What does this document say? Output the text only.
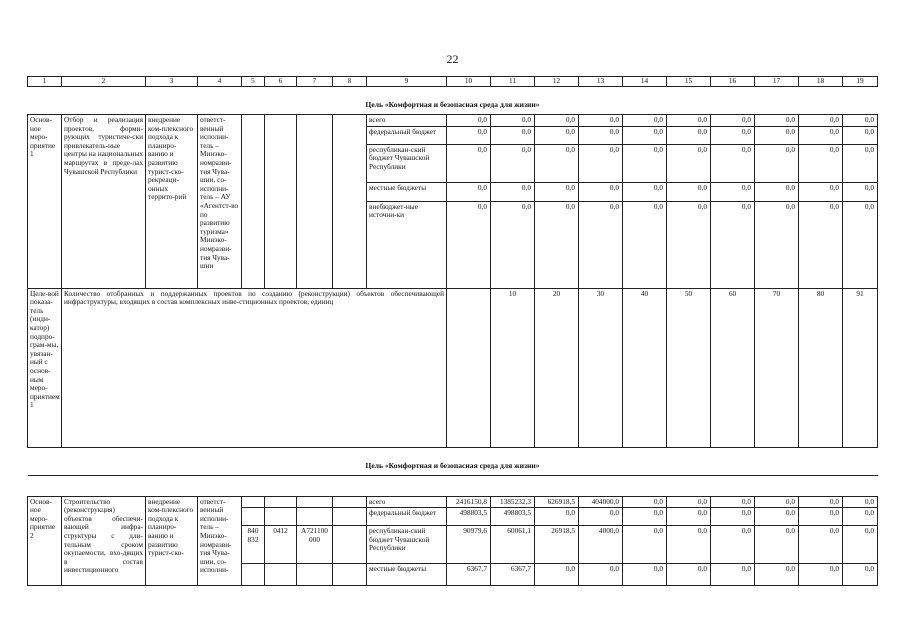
22
1	2	3	4	5	6	7	8	9	10	11	12	13	14	15	16	17	18	19
Цель «Комфортная и безопасная среда для жизни»																		
Основ-ное меро-приятие 1	Отбор и реализация проектов, форми-рующих туристиче-ски привлекатель-ные центры на национальных маршрутах в преде-лах Чувашской Республики	внедрение ком-плексного подхода к планиро-ванию и развитию турист-ско-рекреаци-онных террито-рий	ответст-венный исполни-тель – Минэко-номразви-тия Чува-шии, со-исполни-тель – АУ «Агентст-во по развитию туризма» Минэко-номразви-тия Чува-шии					всего	0,0	0,0	0,0	0,0	0,0	0,0	0,0	0,0	0,0	0,0
								федеральный бюджет	0,0	0,0	0,0	0,0	0,0	0,0	0,0	0,0	0,0	0,0
								республикан-ский бюджет Чувашской Республики	0,0	0,0	0,0	0,0	0,0	0,0	0,0	0,0	0,0	0,0
								местные бюджеты	0,0	0,0	0,0	0,0	0,0	0,0	0,0	0,0	0,0	0,0
								внебюджет-ные источни-ки	0,0	0,0	0,0	0,0	0,0	0,0	0,0	0,0	0,0	0,0
Целе-вой показа-тель (инди-катор) подпро-грам-мы, увязан-ный с основ-ным меро-приятием 1	Количество отобранных и поддержанных проектов по созданию (реконструкции) объектов обеспечивающей инфраструктуры, входящих в состав комплексных инве-стиционных проектов, единиц									10	20	30	40	50	60	70	80	91
Цель «Комфортная и безопасная среда для жизни»																		

Основ-ное меро-приятие 2	Строительство (реконструкция) объектов обеспечи-вающей инфра-структуры с дли-тельным сроком окупаемости, вхо-дящих в состав инвестиционного	внедрение ком-плексного подхода к планиро-ванию и развитию турист-ско-	ответст-венный исполни-тель – Минэко-номразви-тия Чува-шии, со-исполни-					всего	2416150,8	1385232,3	626918,5	404000,0	0,0	0,0	0,0	0,0	0,0	0,0
								федеральный бюджет	498803,5	498803,5	0,0	0,0	0,0	0,0	0,0	0,0	0,0	0,0
				840 832	0412	А721100 000		республикан-ский бюджет Чувашской Республики	90979,6	60061,1	26918,5	4000,0	0,0	0,0	0,0	0,0	0,0	0,0
								местные бюджеты	6367,7	6367,7	0,0	0,0	0,0	0,0	0,0	0,0	0,0	0,0
